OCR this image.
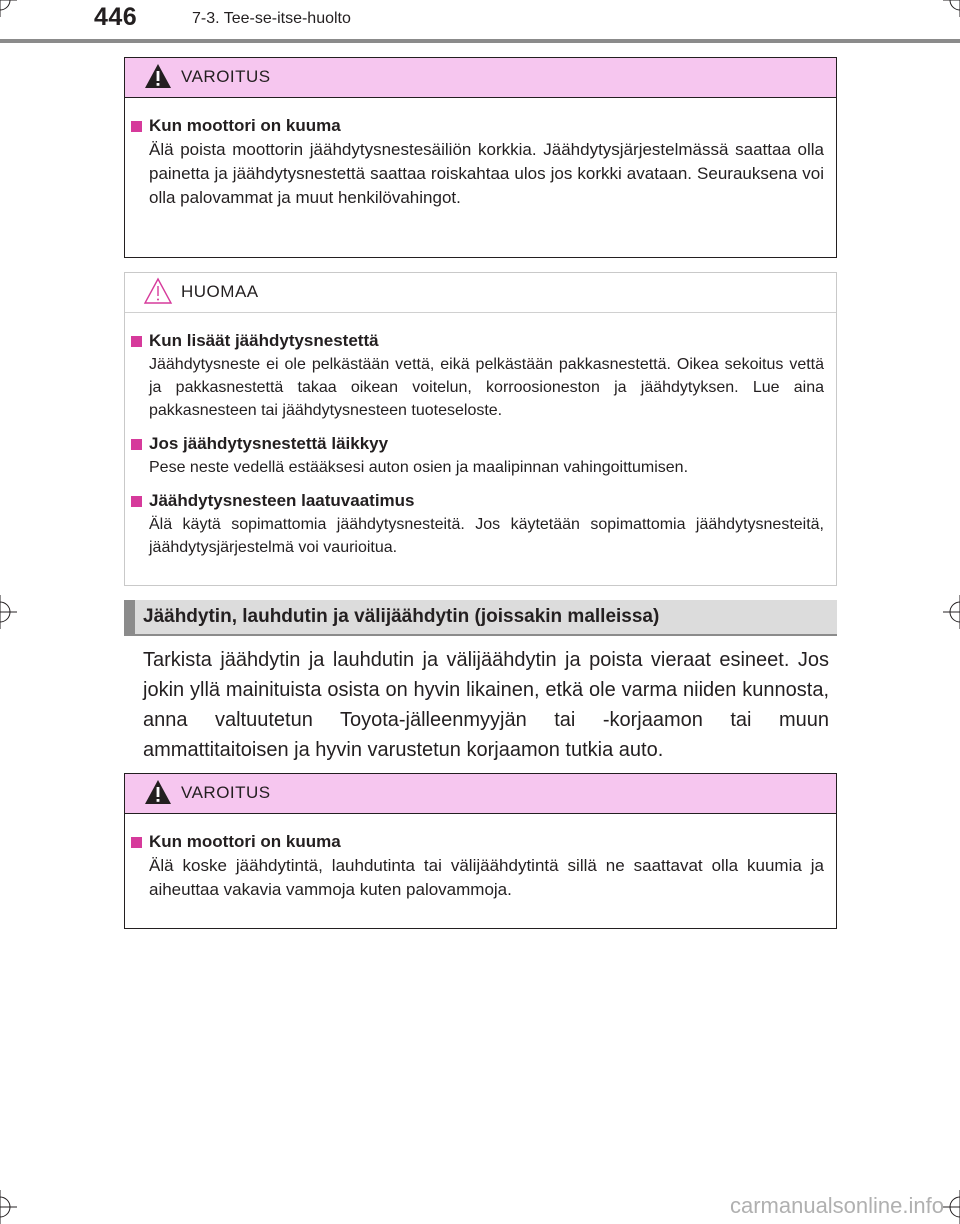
446	7-3. Tee-se-itse-huolto
VAROITUS
Kun moottori on kuuma
Älä poista moottorin jäähdytysnestesäiliön korkkia. Jäähdytysjärjestelmässä saattaa olla painetta ja jäähdytysnestettä saattaa roiskahtaa ulos jos korkki avataan. Seurauksena voi olla palovammat ja muut henkilövahingot.
HUOMAA
Kun lisäät jäähdytysnestettä
Jäähdytysneste ei ole pelkästään vettä, eikä pelkästään pakkasnestettä. Oikea sekoitus vettä ja pakkasnestettä takaa oikean voitelun, korroosioneston ja jäähdytyksen. Lue aina pakkasnesteen tai jäähdytysnesteen tuoteseloste.
Jos jäähdytysnestettä läikkyy
Pese neste vedellä estääksesi auton osien ja maalipinnan vahingoittumisen.
Jäähdytysnesteen laatuvaatimus
Älä käytä sopimattomia jäähdytysnesteitä. Jos käytetään sopimattomia jäähdytysnesteitä, jäähdytysjärjestelmä voi vaurioitua.
Jäähdytin, lauhdutin ja välijäähdytin (joissakin malleissa)
Tarkista jäähdytin ja lauhdutin ja välijäähdytin ja poista vieraat esineet. Jos jokin yllä mainituista osista on hyvin likainen, etkä ole varma niiden kunnosta, anna valtuutetun Toyota-jälleenmyyjän tai -korjaamon tai muun ammattitaitoisen ja hyvin varustetun korjaamon tutkia auto.
VAROITUS
Kun moottori on kuuma
Älä koske jäähdytintä, lauhdutinta tai välijäähdytintä sillä ne saattavat olla kuumia ja aiheuttaa vakavia vammoja kuten palovammoja.
carmanualsonline.info
